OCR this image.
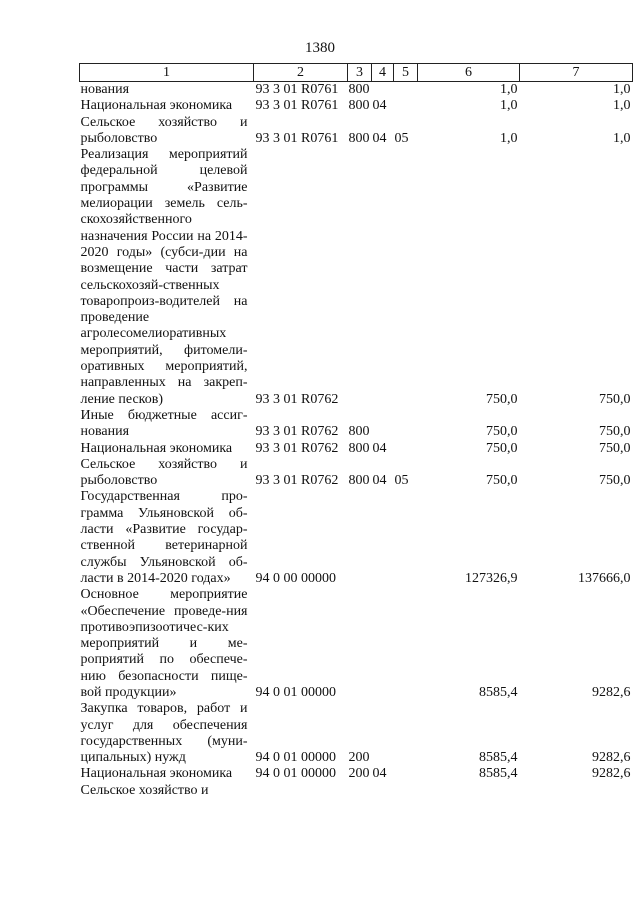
1380
1	2	3	4	5	6	7
нования	93 3 01 R0761	800			1,0	1,0
Национальная экономика	93 3 01 R0761	800	04		1,0	1,0
Сельское хозяйство и рыболовство	93 3 01 R0761	800	04	05	1,0	1,0
Реализация мероприятий федеральной целевой программы «Развитие мелиорации земель сель-скохозяйственного назначения России на 2014-2020 годы» (субси-дии на возмещение части затрат сельскохозяй-ственных товаропроиз-водителей на проведение агролесомелиоративных мероприятий, фитомели-оративных мероприятий, направленных на закреп-ление песков)	93 3 01 R0762				750,0	750,0
Иные бюджетные ассиг-нования	93 3 01 R0762	800			750,0	750,0
Национальная экономика	93 3 01 R0762	800	04		750,0	750,0
Сельское хозяйство и рыболовство	93 3 01 R0762	800	04	05	750,0	750,0
Государственная про-грамма Ульяновской об-ласти «Развитие государ-ственной ветеринарной службы Ульяновской об-ласти в 2014-2020 годах»	94 0 00 00000				127326,9	137666,0
Основное мероприятие «Обеспечение проведе-ния противоэпизоотичес-ких мероприятий и ме-роприятий по обеспече-нию безопасности пище-вой продукции»	94 0 01 00000				8585,4	9282,6
Закупка товаров, работ и услуг для обеспечения государственных (муни-ципальных) нужд	94 0 01 00000	200			8585,4	9282,6
Национальная экономика	94 0 01 00000	200	04		8585,4	9282,6
Сельское хозяйство и						
